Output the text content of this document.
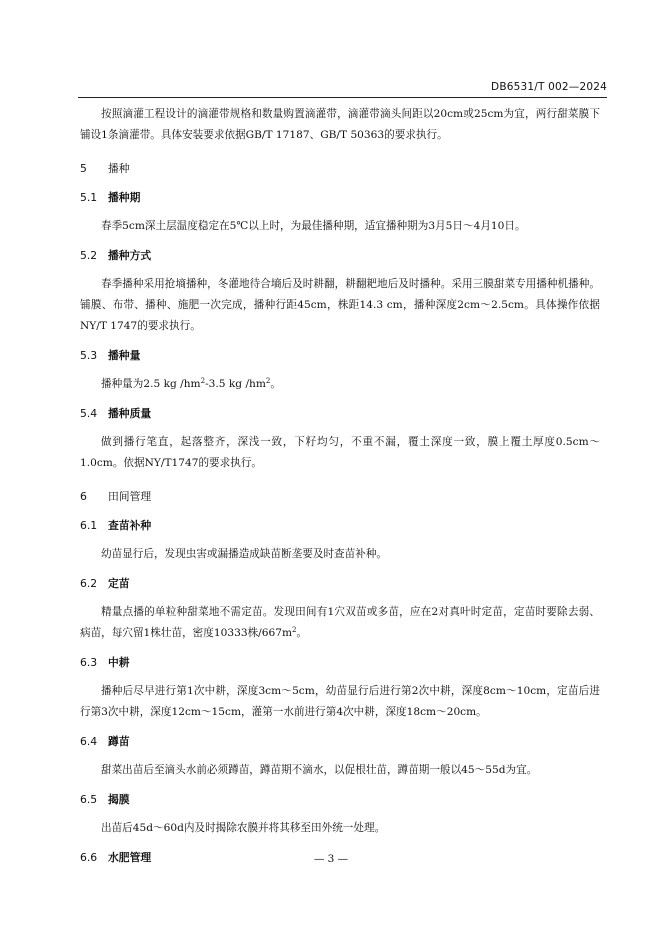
DB6531/T 002—2024

按照滴灌工程设计的滴灌带规格和数量购置滴灌带，滴灌带滴头间距以20cm或25cm为宜，两行甜菜膜下铺设1条滴灌带。具体安装要求依据GB/T 17187、GB/T 50363的要求执行。

5	播种
5.1	播种期

春季5cm深土层温度稳定在5℃以上时，为最佳播种期，适宜播种期为3月5日～4月10日。

5.2	播种方式

春季播种采用抢墒播种，冬灌地待合墒后及时耕翻，耕翻耙地后及时播种。采用三膜甜菜专用播种机播种。铺膜、布带、播种、施肥一次完成，播种行距45cm，株距14.3 cm，播种深度2cm～2.5cm。具体操作依据NY/T 1747的要求执行。

5.3	播种量

播种量为2.5 kg $/hm^2-3.5$ kg $/hm^2$。

5.4	播种质量

做到播行笔直，起落整齐，深浅一致，下籽均匀，不重不漏，覆土深度一致，膜上覆土厚度0.5cm～1.0cm。依据NY/T1747的要求执行。

6	田间管理
6.1	查苗补种

幼苗显行后，发现虫害或漏播造成缺苗断垄要及时查苗补种。

6.2	定苗

精量点播的单粒种甜菜地不需定苗。发现田间有1穴双苗或多苗，应在2对真叶时定苗，定苗时要除去弱、病苗，每穴留1株壮苗，密度10333株$/667m^2$。

6.3	中耕

播种后尽早进行第1次中耕，深度3cm～5cm，幼苗显行后进行第2次中耕，深度8cm～10cm，定苗后进行第3次中耕，深度12cm～15cm，灌第一水前进行第4次中耕，深度18cm～20cm。

6.4	蹲苗

甜菜出苗后至滴头水前必须蹲苗，蹲苗期不滴水，以促根壮苗，蹲苗期一般以45～55d为宜。

6.5	揭膜

出苗后45d～60d内及时揭除农膜并将其移至田外统一处理。

6.6	水肥管理	— 3 —
